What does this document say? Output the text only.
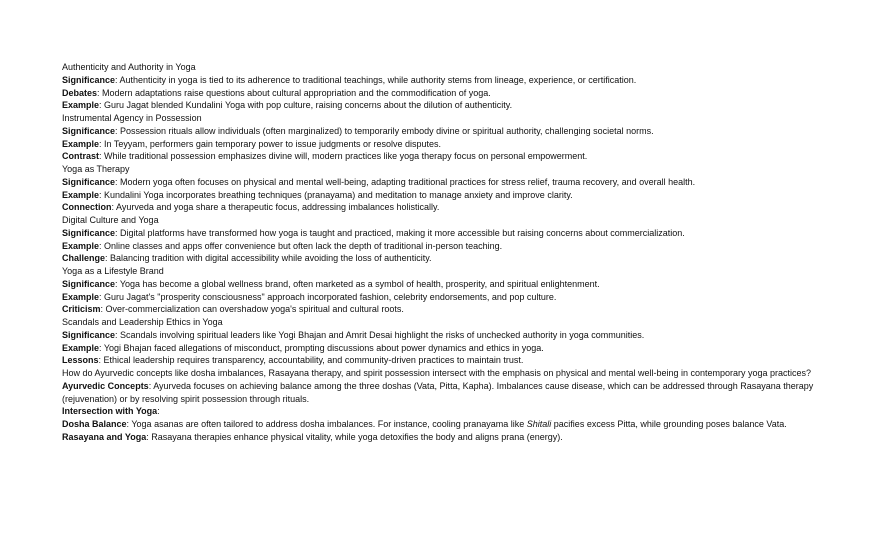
Authenticity and Authority in Yoga

Significance: Authenticity in yoga is tied to its adherence to traditional teachings, while authority stems from lineage, experience, or certification.

Debates: Modern adaptations raise questions about cultural appropriation and the commodification of yoga.

Example: Guru Jagat blended Kundalini Yoga with pop culture, raising concerns about the dilution of authenticity.

Instrumental Agency in Possession

Significance: Possession rituals allow individuals (often marginalized) to temporarily embody divine or spiritual authority, challenging societal norms.

Example: In Teyyam, performers gain temporary power to issue judgments or resolve disputes.

Contrast: While traditional possession emphasizes divine will, modern practices like yoga therapy focus on personal empowerment.

Yoga as Therapy

Significance: Modern yoga often focuses on physical and mental well-being, adapting traditional practices for stress relief, trauma recovery, and overall health.

Example: Kundalini Yoga incorporates breathing techniques (pranayama) and meditation to manage anxiety and improve clarity.

Connection: Ayurveda and yoga share a therapeutic focus, addressing imbalances holistically.

Digital Culture and Yoga

Significance: Digital platforms have transformed how yoga is taught and practiced, making it more accessible but raising concerns about commercialization.

Example: Online classes and apps offer convenience but often lack the depth of traditional in-person teaching.

Challenge: Balancing tradition with digital accessibility while avoiding the loss of authenticity.

Yoga as a Lifestyle Brand

Significance: Yoga has become a global wellness brand, often marketed as a symbol of health, prosperity, and spiritual enlightenment.

Example: Guru Jagat's "prosperity consciousness" approach incorporated fashion, celebrity endorsements, and pop culture.

Criticism: Over-commercialization can overshadow yoga's spiritual and cultural roots.

Scandals and Leadership Ethics in Yoga

Significance: Scandals involving spiritual leaders like Yogi Bhajan and Amrit Desai highlight the risks of unchecked authority in yoga communities.

Example: Yogi Bhajan faced allegations of misconduct, prompting discussions about power dynamics and ethics in yoga.

Lessons: Ethical leadership requires transparency, accountability, and community-driven practices to maintain trust.

How do Ayurvedic concepts like dosha imbalances, Rasayana therapy, and spirit possession intersect with the emphasis on physical and mental well-being in contemporary yoga practices?

Ayurvedic Concepts: Ayurveda focuses on achieving balance among the three doshas (Vata, Pitta, Kapha). Imbalances cause disease, which can be addressed through Rasayana therapy (rejuvenation) or by resolving spirit possession through rituals.

Intersection with Yoga:

Dosha Balance: Yoga asanas are often tailored to address dosha imbalances. For instance, cooling pranayama like Shitali pacifies excess Pitta, while grounding poses balance Vata.

Rasayana and Yoga: Rasayana therapies enhance physical vitality, while yoga detoxifies the body and aligns prana (energy).
